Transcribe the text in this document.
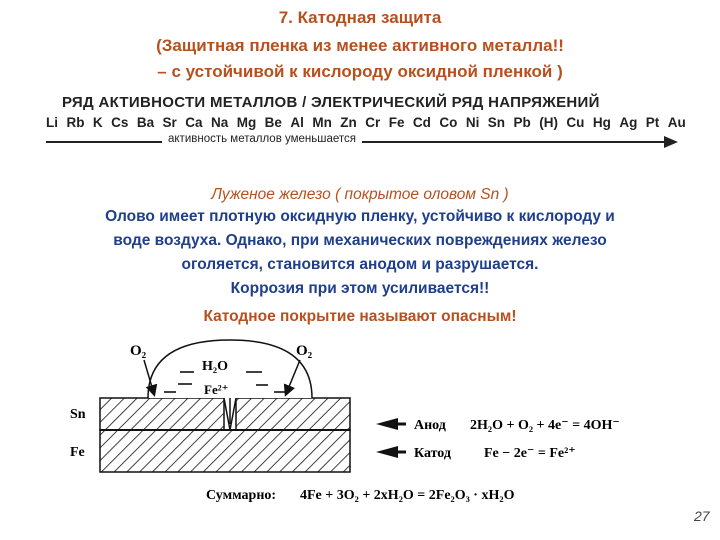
7. Катодная защита
(Защитная пленка из менее активного металла!!
– с устойчивой к кислороду оксидной пленкой )
РЯД АКТИВНОСТИ МЕТАЛЛОВ / ЭЛЕКТРИЧЕСКИЙ РЯД НАПРЯЖЕНИЙ
Li Rb K Cs Ba Sr Ca Na Mg Be Al Mn Zn Cr Fe Cd Co Ni Sn Pb (H) Cu Hg Ag Pt Au
активность металлов уменьшается
Луженое железо ( покрытое оловом Sn )
Олово имеет плотную оксидную пленку, устойчиво к кислороду и
воде воздуха. Однако, при механических повреждениях железо
оголяется, становится анодом и разрушается.
Коррозия при этом усиливается!!
Катодное покрытие называют опасным!
O₂	O₂
H₂O
Fe²⁺
Sn
Fe
Анод 2H₂O + O₂ + 4e⁻ = 4OH⁻
Катод Fe − 2e⁻ = Fe²⁺
Суммарно: 4Fe + 3O₂ + 2xH₂O = 2Fe₂O₃ · xH₂O
27
